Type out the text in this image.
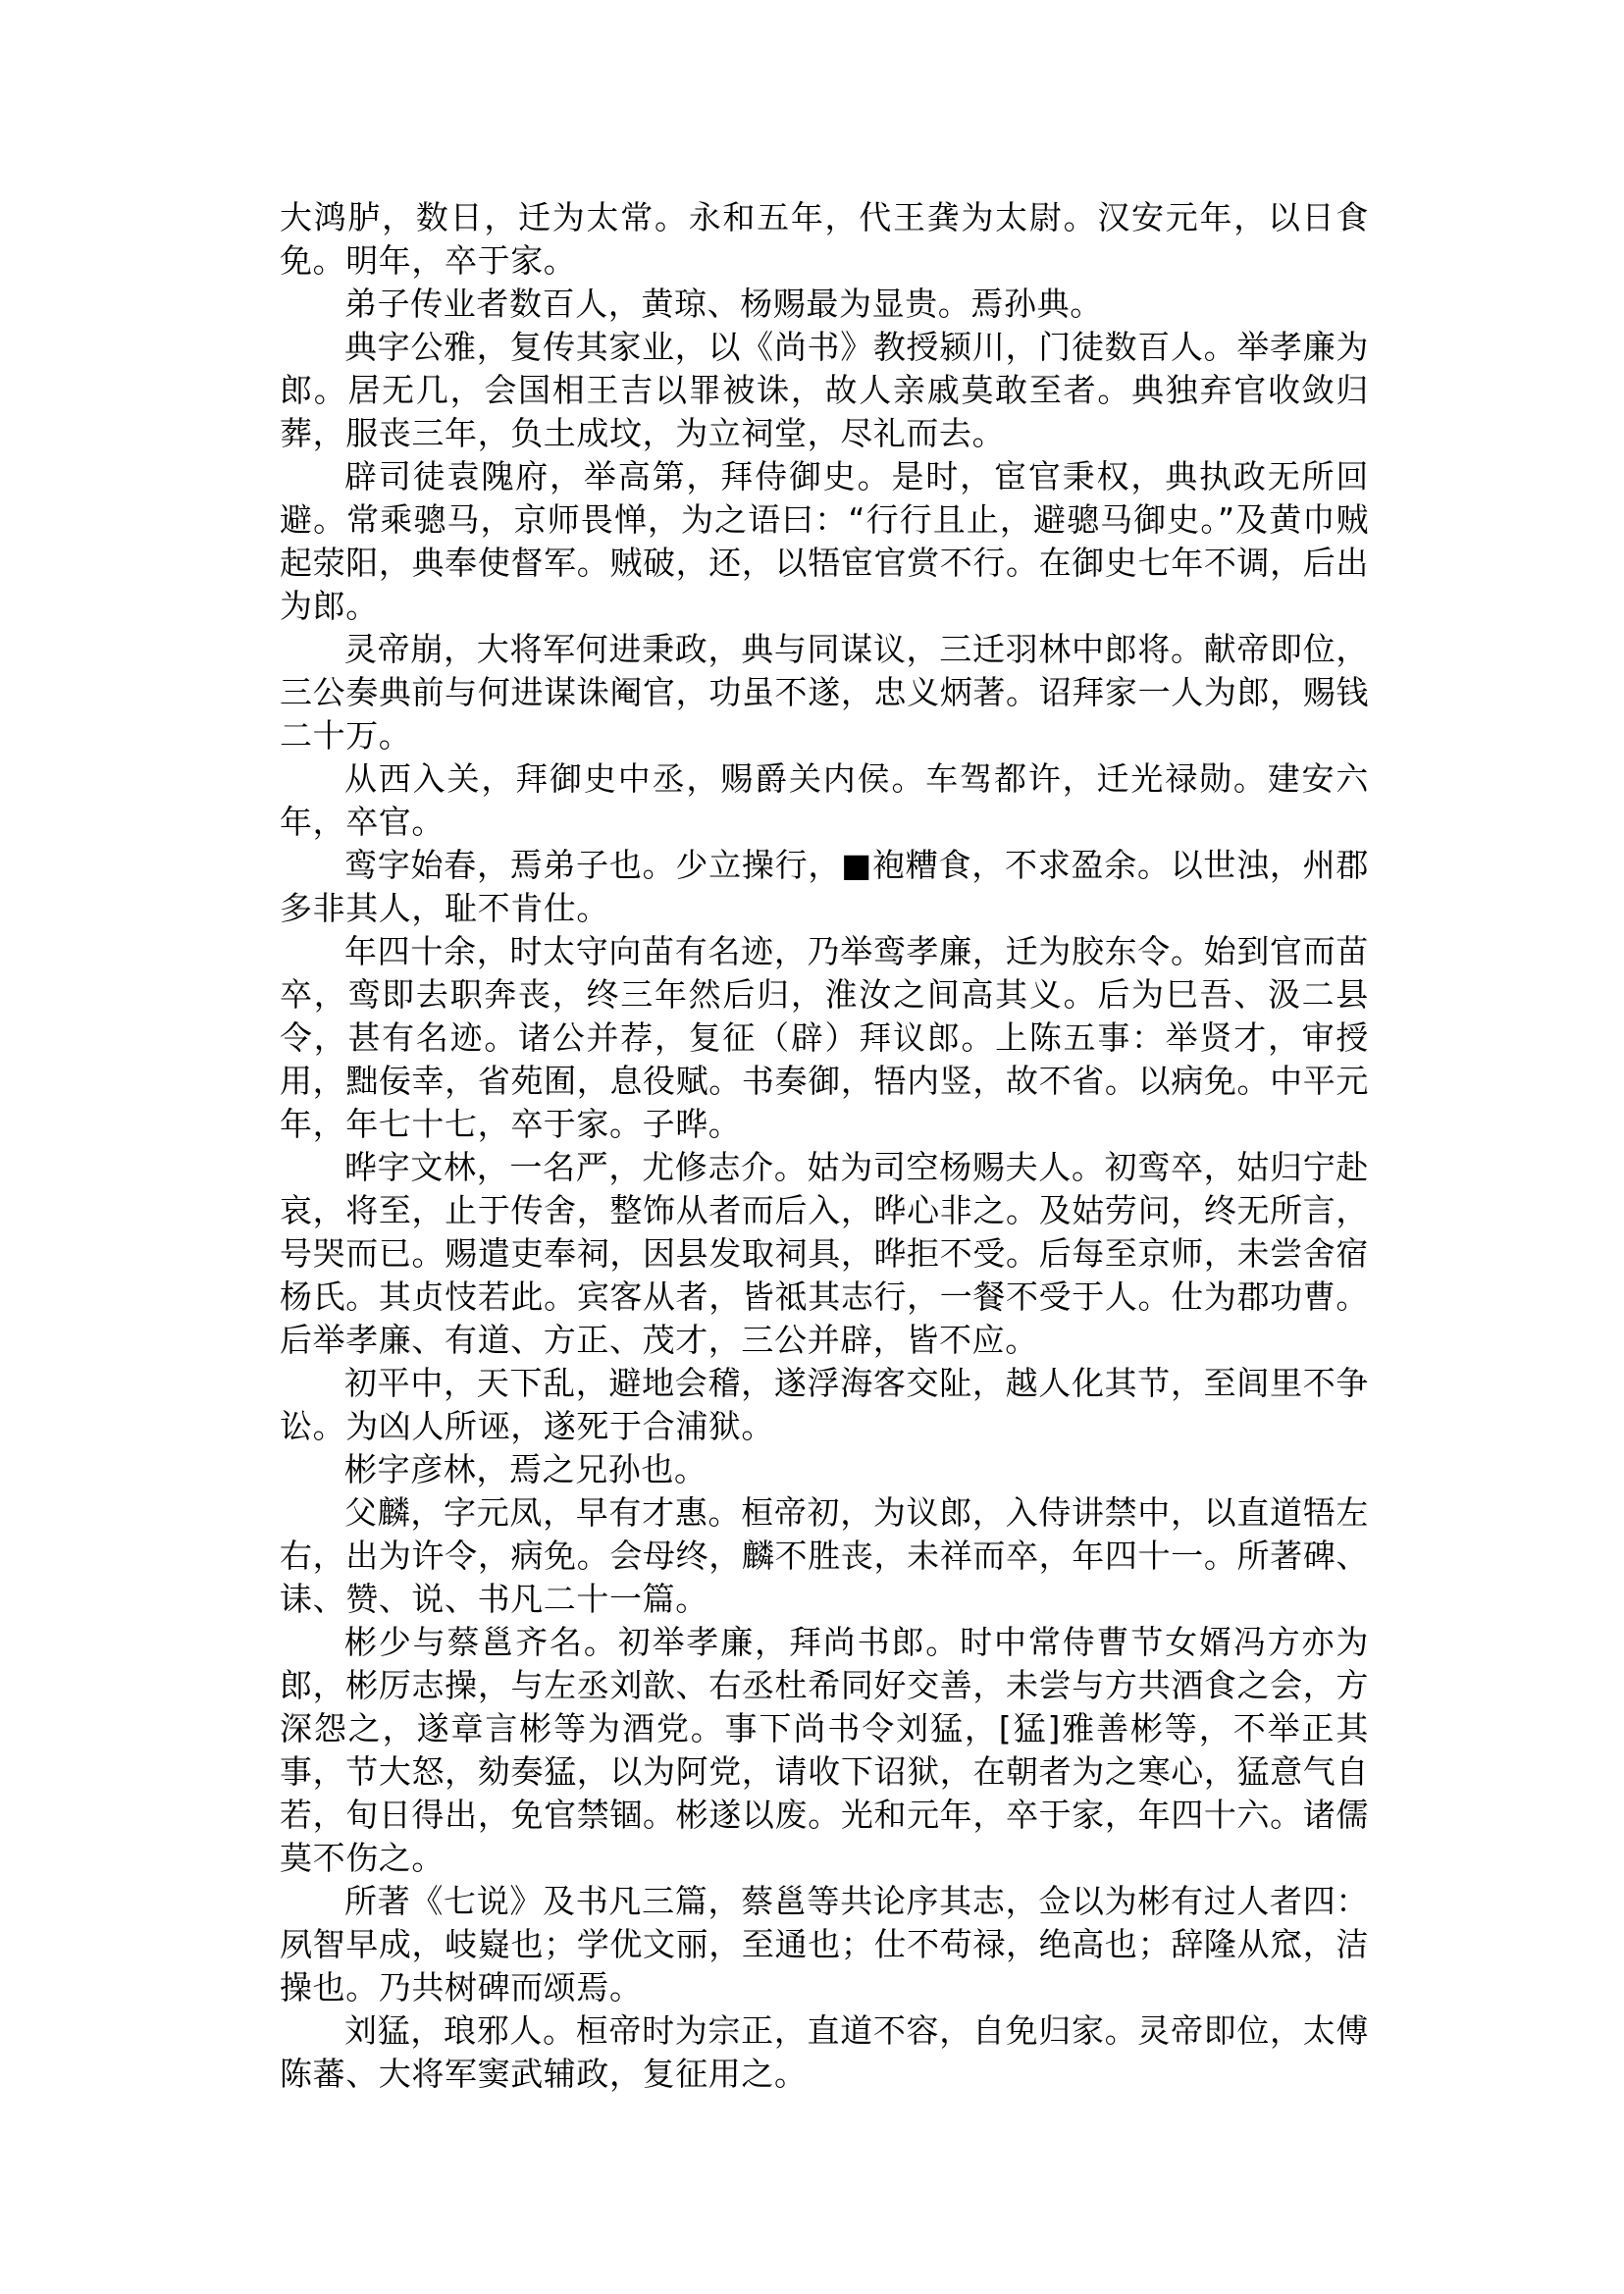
大鸿胪，数日，迁为太常。永和五年，代王龚为太尉。汉安元年，以日食免。明年，卒于家。

弟子传业者数百人，黄琼、杨赐最为显贵。焉孙典。

典字公雅，复传其家业，以《尚书》教授颍川，门徒数百人。举孝廉为郎。居无几，会国相王吉以罪被诛，故人亲戚莫敢至者。典独弃官收敛归葬，服丧三年，负土成坟，为立祠堂，尽礼而去。

辟司徒袁隗府，举高第，拜侍御史。是时，宦官秉权，典执政无所回避。常乘骢马，京师畏惮，为之语曰：“行行且止，避骢马御史。”及黄巾贼起荥阳，典奉使督军。贼破，还，以牾宦官赏不行。在御史七年不调，后出为郎。

灵帝崩，大将军何进秉政，典与同谋议，三迁羽林中郎将。献帝即位，三公奏典前与何进谋诛阉官，功虽不遂，忠义炳著。诏拜家一人为郎，赐钱二十万。

从西入关，拜御史中丞，赐爵关内侯。车驾都许，迁光禄勋。建安六年，卒官。

鸾字始春，焉弟子也。少立操行，■袍糟食，不求盈余。以世浊，州郡多非其人，耻不肯仕。

年四十余，时太守向苗有名迹，乃举鸾孝廉，迁为胶东令。始到官而苗卒，鸾即去职奔丧，终三年然后归，淮汝之间高其义。后为巳吾、汲二县令，甚有名迹。诸公并荐，复征（辟）拜议郎。上陈五事：举贤才，审授用，黜佞幸，省苑囿，息役赋。书奏御，牾内竖，故不省。以病免。中平元年，年七十七，卒于家。子晔。

晔字文林，一名严，尤修志介。姑为司空杨赐夫人。初鸾卒，姑归宁赴哀，将至，止于传舍，整饰从者而后入，晔心非之。及姑劳问，终无所言，号哭而已。赐遣吏奉祠，因县发取祠具，晔拒不受。后每至京师，未尝舍宿杨氏。其贞忮若此。宾客从者，皆祗其志行，一餐不受于人。仕为郡功曹。后举孝廉、有道、方正、茂才，三公并辟，皆不应。

初平中，天下乱，避地会稽，遂浮海客交阯，越人化其节，至闾里不争讼。为凶人所诬，遂死于合浦狱。

彬字彦林，焉之兄孙也。

父麟，字元凤，早有才惠。桓帝初，为议郎，入侍讲禁中，以直道牾左右，出为许令，病免。会母终，麟不胜丧，未祥而卒，年四十一。所著碑、诔、赞、说、书凡二十一篇。

彬少与蔡邕齐名。初举孝廉，拜尚书郎。时中常侍曹节女婿冯方亦为郎，彬厉志操，与左丞刘歆、右丞杜希同好交善，未尝与方共酒食之会，方深怨之，遂章言彬等为酒党。事下尚书令刘猛，[猛]雅善彬等，不举正其事，节大怒，劾奏猛，以为阿党，请收下诏狱，在朝者为之寒心，猛意气自若，旬日得出，免官禁锢。彬遂以废。光和元年，卒于家，年四十六。诸儒莫不伤之。

所著《七说》及书凡三篇，蔡邕等共论序其志，佥以为彬有过人者四：夙智早成，岐嶷也；学优文丽，至通也；仕不苟禄，绝高也；辞隆从窊，洁操也。乃共树碑而颂焉。

刘猛，琅邪人。桓帝时为宗正，直道不容，自免归家。灵帝即位，太傅陈蕃、大将军窦武辅政，复征用之。
